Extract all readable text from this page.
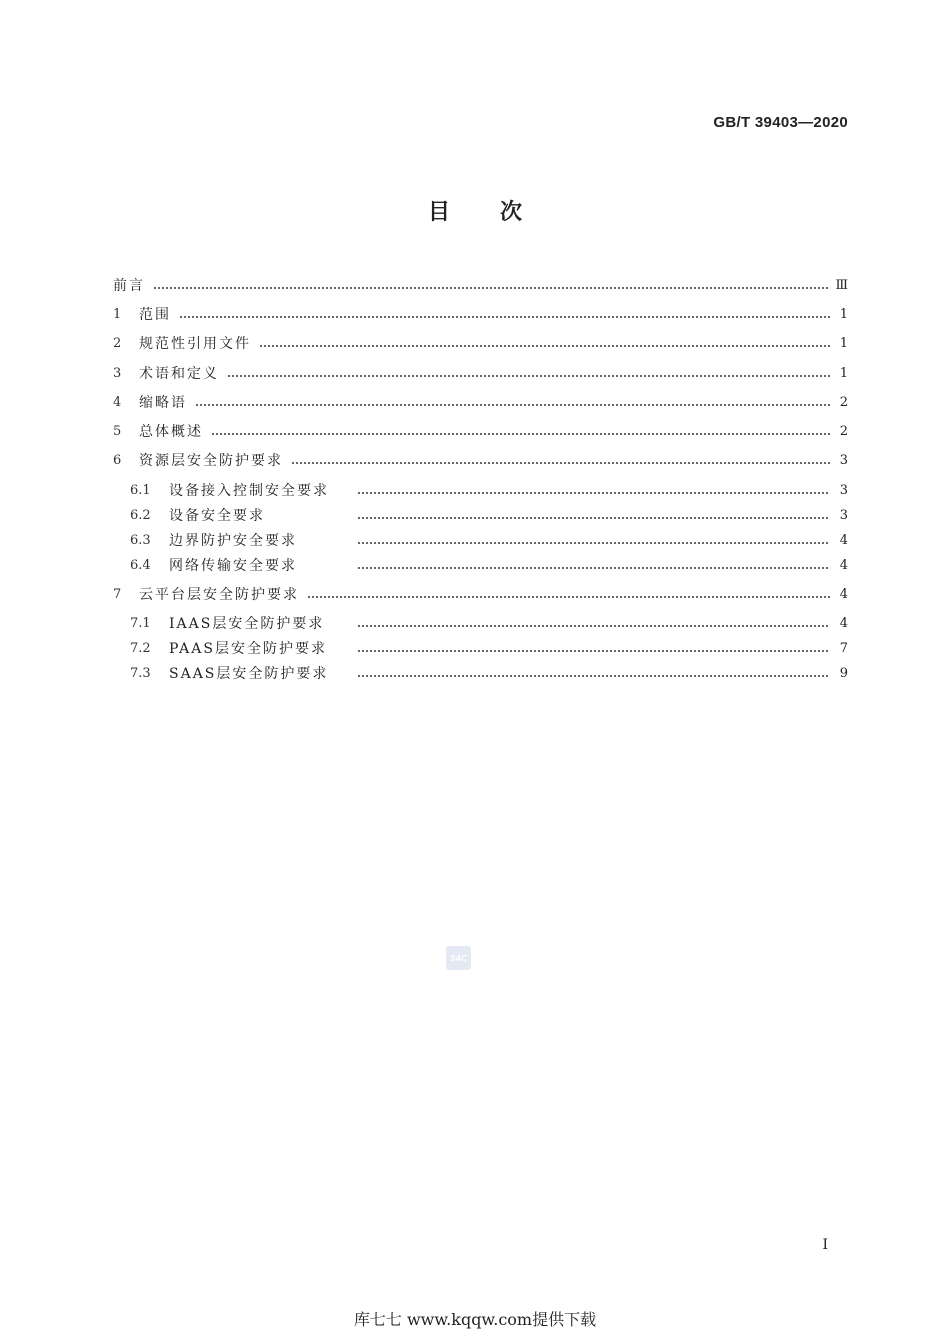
GB/T 39403—2020
目次
前言	Ⅲ
1	范围	1
2	规范性引用文件	1
3	术语和定义	1
4	缩略语	2
5	总体概述	2
6	资源层安全防护要求	3
6.1	设备接入控制安全要求	3
6.2	设备安全要求	3
6.3	边界防护安全要求	4
6.4	网络传输安全要求	4
7	云平台层安全防护要求	4
7.1	IAAS层安全防护要求	4
7.2	PAAS层安全防护要求	7
7.3	SAAS层安全防护要求	9
SAC
I
库七七 www.kqqw.com提供下载
